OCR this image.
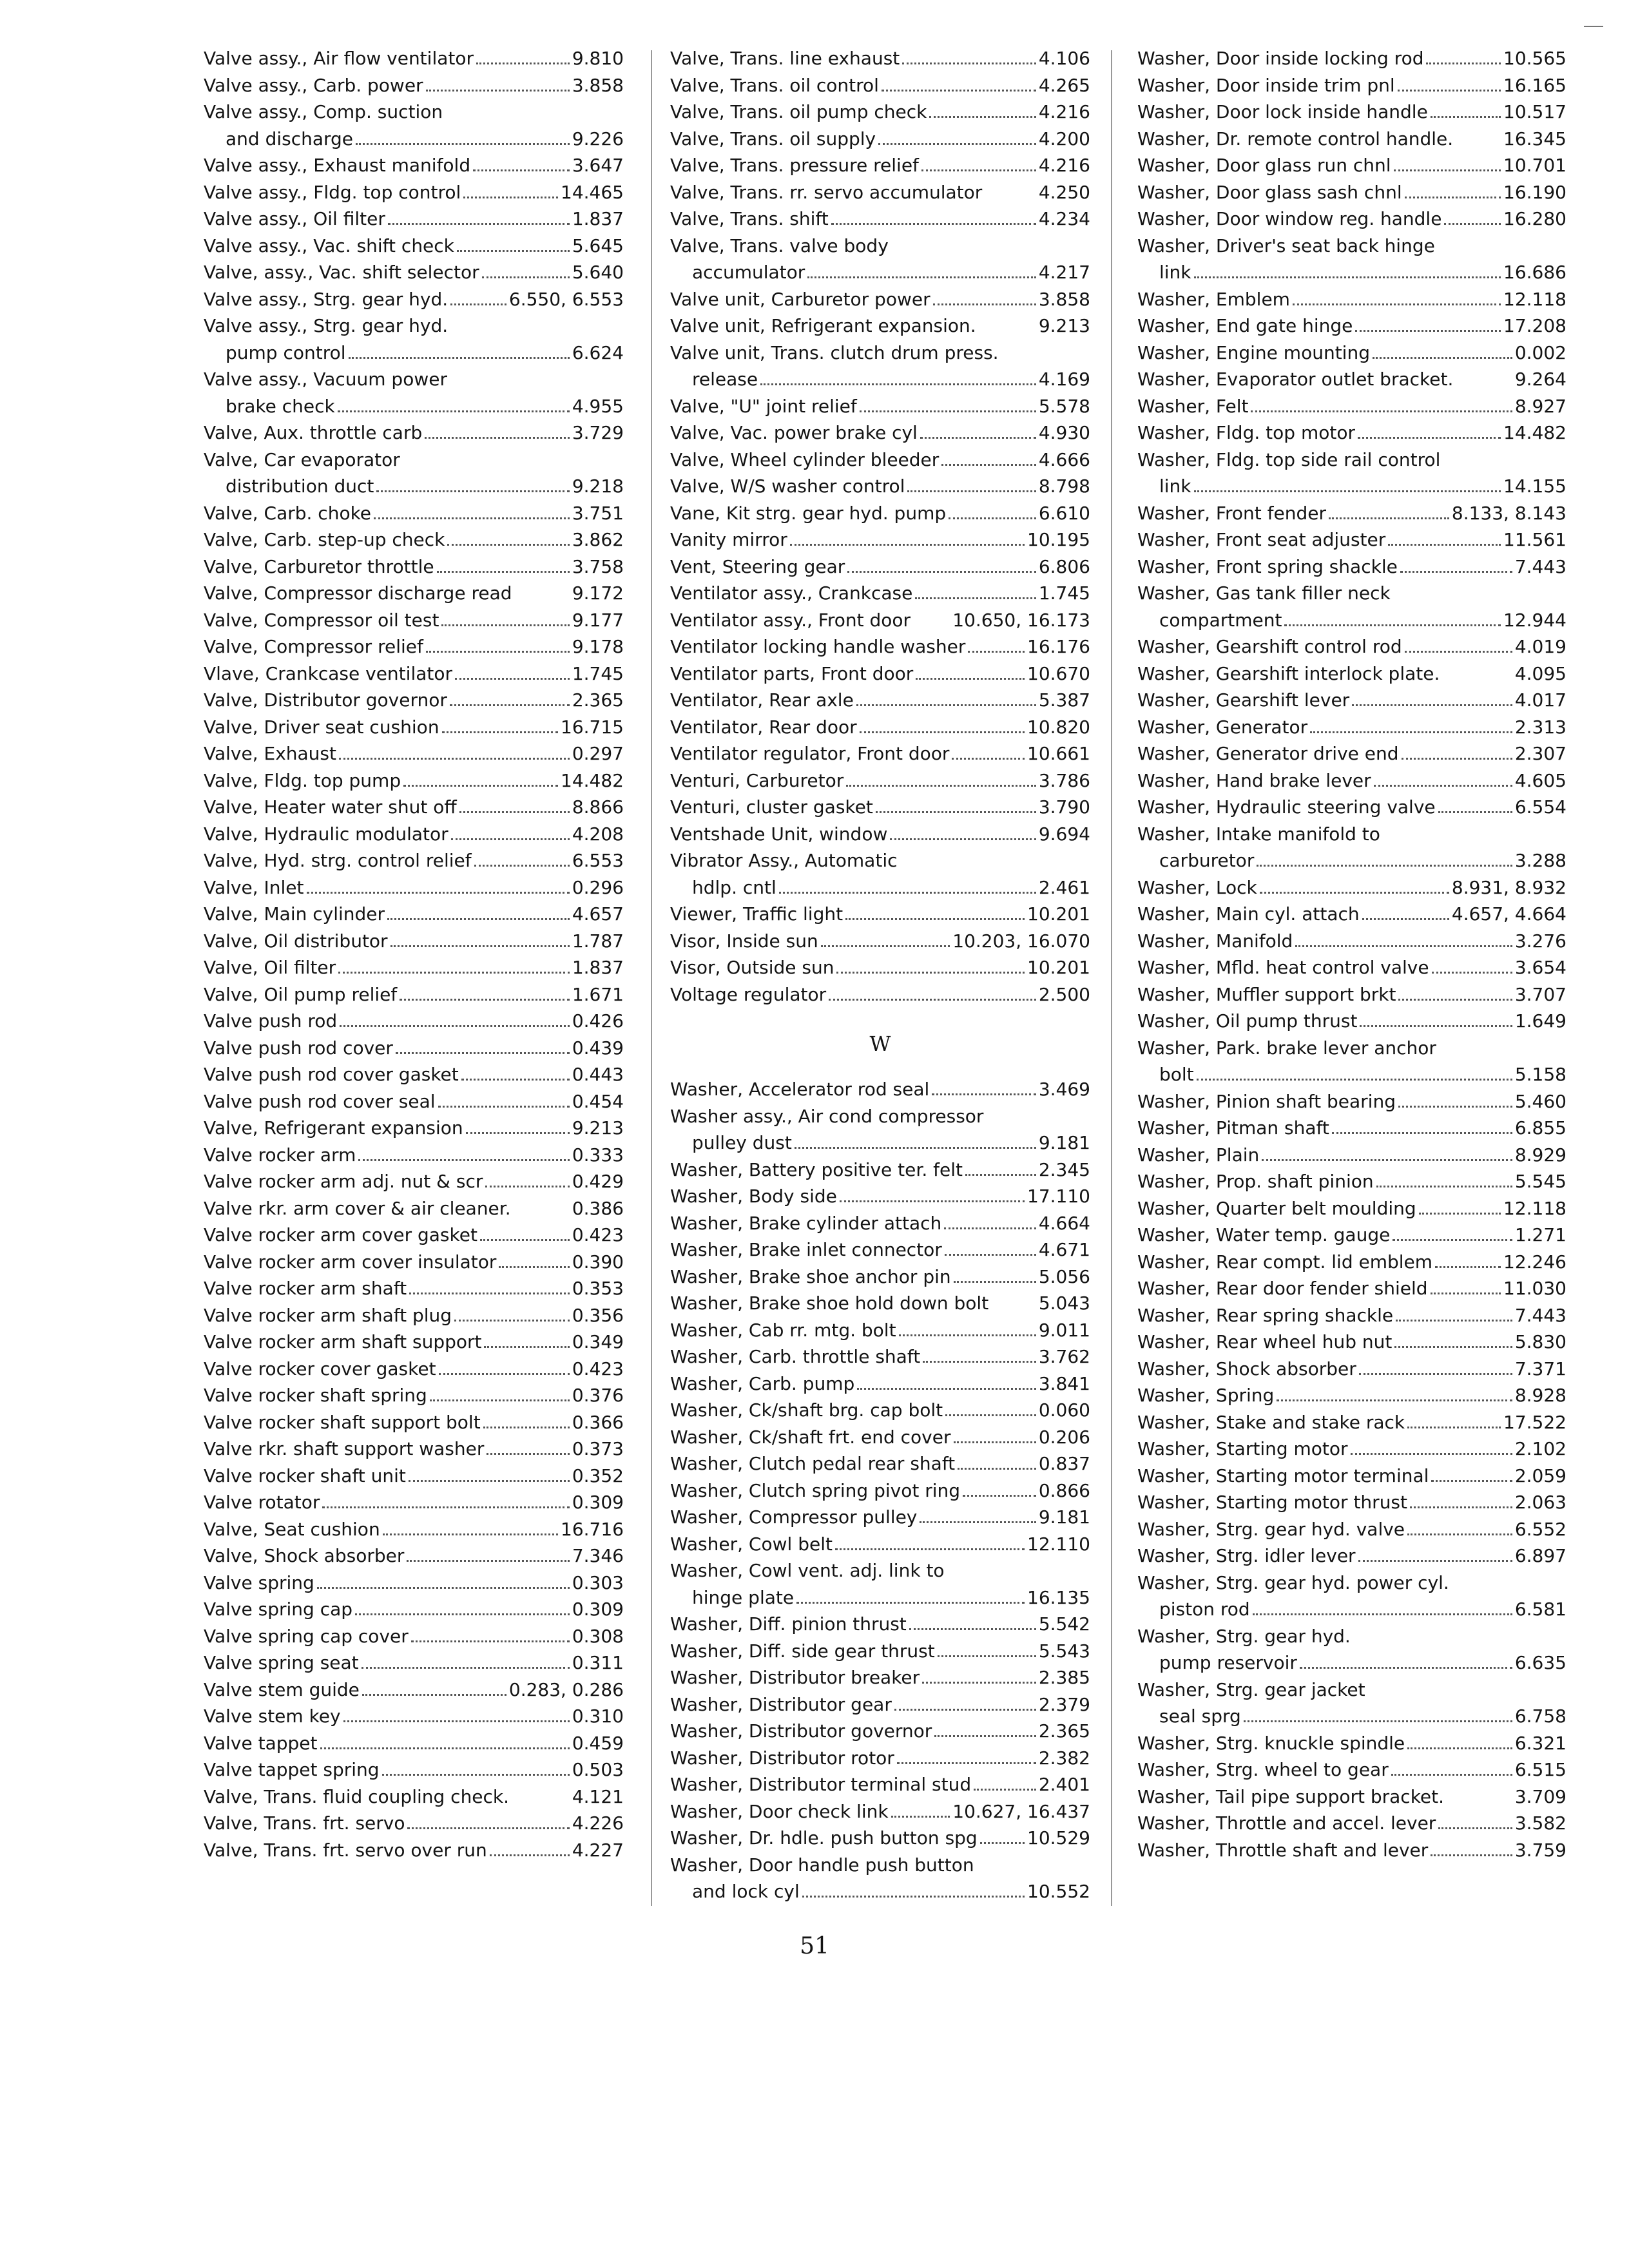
Valve assy., Air flow ventilator	9.810
Valve assy., Carb. power	3.858
Valve assy., Comp. suction
and discharge	9.226
Valve assy., Exhaust manifold	3.647
Valve assy., Fldg. top control	14.465
Valve assy., Oil filter	1.837
Valve assy., Vac. shift check	5.645
Valve, assy., Vac. shift selector	5.640
Valve assy., Strg. gear hyd.	6.550, 6.553
Valve assy., Strg. gear hyd.
pump control	6.624
Valve assy., Vacuum power
brake check	4.955
Valve, Aux. throttle carb	3.729
Valve, Car evaporator
distribution duct	9.218
Valve, Carb. choke	3.751
Valve, Carb. step-up check	3.862
Valve, Carburetor throttle	3.758
Valve, Compressor discharge read	9.172
Valve, Compressor oil test	9.177
Valve, Compressor relief	9.178
Vlave, Crankcase ventilator	1.745
Valve, Distributor governor	2.365
Valve, Driver seat cushion	16.715
Valve, Exhaust	0.297
Valve, Fldg. top pump	14.482
Valve, Heater water shut off	8.866
Valve, Hydraulic modulator	4.208
Valve, Hyd. strg. control relief	6.553
Valve, Inlet	0.296
Valve, Main cylinder	4.657
Valve, Oil distributor	1.787
Valve, Oil filter	1.837
Valve, Oil pump relief	1.671
Valve push rod	0.426
Valve push rod cover	0.439
Valve push rod cover gasket	0.443
Valve push rod cover seal	0.454
Valve, Refrigerant expansion	9.213
Valve rocker arm	0.333
Valve rocker arm adj. nut & scr	0.429
Valve rkr. arm cover & air cleaner.	0.386
Valve rocker arm cover gasket	0.423
Valve rocker arm cover insulator	0.390
Valve rocker arm shaft	0.353
Valve rocker arm shaft plug	0.356
Valve rocker arm shaft support	0.349
Valve rocker cover gasket	0.423
Valve rocker shaft spring	0.376
Valve rocker shaft support bolt	0.366
Valve rkr. shaft support washer	0.373
Valve rocker shaft unit	0.352
Valve rotator	0.309
Valve, Seat cushion	16.716
Valve, Shock absorber	7.346
Valve spring	0.303
Valve spring cap	0.309
Valve spring cap cover	0.308
Valve spring seat	0.311
Valve stem guide	0.283, 0.286
Valve stem key	0.310
Valve tappet	0.459
Valve tappet spring	0.503
Valve, Trans. fluid coupling check.	4.121
Valve, Trans. frt. servo	4.226
Valve, Trans. frt. servo over run	4.227
Valve, Trans. line exhaust	4.106
Valve, Trans. oil control	4.265
Valve, Trans. oil pump check	4.216
Valve, Trans. oil supply	4.200
Valve, Trans. pressure relief	4.216
Valve, Trans. rr. servo accumulator	4.250
Valve, Trans. shift	4.234
Valve, Trans. valve body
accumulator	4.217
Valve unit, Carburetor power	3.858
Valve unit, Refrigerant expansion.	9.213
Valve unit, Trans. clutch drum press.
release	4.169
Valve, "U" joint relief	5.578
Valve, Vac. power brake cyl	4.930
Valve, Wheel cylinder bleeder	4.666
Valve, W/S washer control	8.798
Vane, Kit strg. gear hyd. pump	6.610
Vanity mirror	10.195
Vent, Steering gear	6.806
Ventilator assy., Crankcase	1.745
Ventilator assy., Front door 10.650, 16.173
Ventilator locking handle washer	16.176
Ventilator parts, Front door	10.670
Ventilator, Rear axle	5.387
Ventilator, Rear door	10.820
Ventilator regulator, Front door	10.661
Venturi, Carburetor	3.786
Venturi, cluster gasket	3.790
Ventshade Unit, window	9.694
Vibrator Assy., Automatic
hdlp. cntl	2.461
Viewer, Traffic light	10.201
Visor, Inside sun	10.203, 16.070
Visor, Outside sun	10.201
Voltage regulator	2.500
W
Washer, Accelerator rod seal	3.469
Washer assy., Air cond compressor
pulley dust	9.181
Washer, Battery positive ter. felt	2.345
Washer, Body side	17.110
Washer, Brake cylinder attach	4.664
Washer, Brake inlet connector	4.671
Washer, Brake shoe anchor pin	5.056
Washer, Brake shoe hold down bolt	5.043
Washer, Cab rr. mtg. bolt	9.011
Washer, Carb. throttle shaft	3.762
Washer, Carb. pump	3.841
Washer, Ck/shaft brg. cap bolt	0.060
Washer, Ck/shaft frt. end cover	0.206
Washer, Clutch pedal rear shaft	0.837
Washer, Clutch spring pivot ring	0.866
Washer, Compressor pulley	9.181
Washer, Cowl belt	12.110
Washer, Cowl vent. adj. link to
hinge plate	16.135
Washer, Diff. pinion thrust	5.542
Washer, Diff. side gear thrust	5.543
Washer, Distributor breaker	2.385
Washer, Distributor gear	2.379
Washer, Distributor governor	2.365
Washer, Distributor rotor	2.382
Washer, Distributor terminal stud	2.401
Washer, Door check link	10.627, 16.437
Washer, Dr. hdle. push button spg	10.529
Washer, Door handle push button
and lock cyl	10.552
Washer, Door inside locking rod	10.565
Washer, Door inside trim pnl	16.165
Washer, Door lock inside handle	10.517
Washer, Dr. remote control handle.	16.345
Washer, Door glass run chnl	10.701
Washer, Door glass sash chnl	16.190
Washer, Door window reg. handle	16.280
Washer, Driver's seat back hinge
link	16.686
Washer, Emblem	12.118
Washer, End gate hinge	17.208
Washer, Engine mounting	0.002
Washer, Evaporator outlet bracket.	9.264
Washer, Felt	8.927
Washer, Fldg. top motor	14.482
Washer, Fldg. top side rail control
link	14.155
Washer, Front fender	8.133, 8.143
Washer, Front seat adjuster	11.561
Washer, Front spring shackle	7.443
Washer, Gas tank filler neck
compartment	12.944
Washer, Gearshift control rod	4.019
Washer, Gearshift interlock plate.	4.095
Washer, Gearshift lever	4.017
Washer, Generator	2.313
Washer, Generator drive end	2.307
Washer, Hand brake lever	4.605
Washer, Hydraulic steering valve	6.554
Washer, Intake manifold to
carburetor	3.288
Washer, Lock	8.931, 8.932
Washer, Main cyl. attach	4.657, 4.664
Washer, Manifold	3.276
Washer, Mfld. heat control valve	3.654
Washer, Muffler support brkt	3.707
Washer, Oil pump thrust	1.649
Washer, Park. brake lever anchor
bolt	5.158
Washer, Pinion shaft bearing	5.460
Washer, Pitman shaft	6.855
Washer, Plain	8.929
Washer, Prop. shaft pinion	5.545
Washer, Quarter belt moulding	12.118
Washer, Water temp. gauge	1.271
Washer, Rear compt. lid emblem	12.246
Washer, Rear door fender shield	11.030
Washer, Rear spring shackle	7.443
Washer, Rear wheel hub nut	5.830
Washer, Shock absorber	7.371
Washer, Spring	8.928
Washer, Stake and stake rack	17.522
Washer, Starting motor	2.102
Washer, Starting motor terminal	2.059
Washer, Starting motor thrust	2.063
Washer, Strg. gear hyd. valve	6.552
Washer, Strg. idler lever	6.897
Washer, Strg. gear hyd. power cyl.
piston rod	6.581
Washer, Strg. gear hyd.
pump reservoir	6.635
Washer, Strg. gear jacket
seal sprg	6.758
Washer, Strg. knuckle spindle	6.321
Washer, Strg. wheel to gear	6.515
Washer, Tail pipe support bracket.	3.709
Washer, Throttle and accel. lever	3.582
Washer, Throttle shaft and lever	3.759
51
